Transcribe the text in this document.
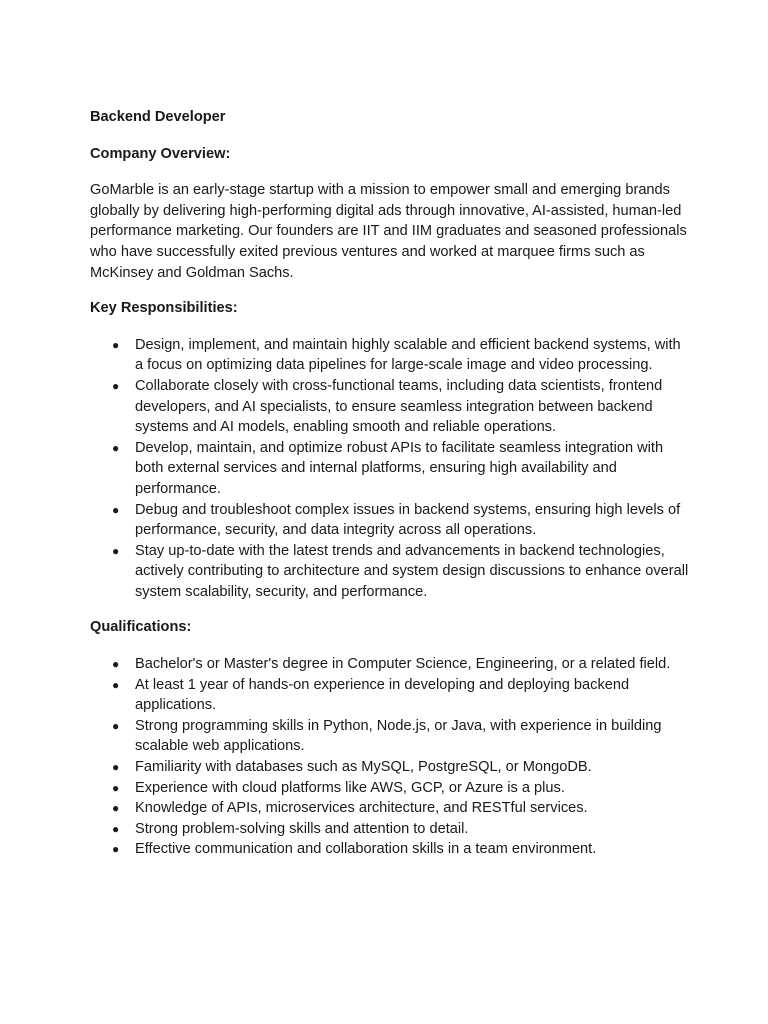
Backend Developer

Company Overview:

GoMarble is an early-stage startup with a mission to empower small and emerging brands globally by delivering high-performing digital ads through innovative, AI-assisted, human-led performance marketing. Our founders are IIT and IIM graduates and seasoned professionals who have successfully exited previous ventures and worked at marquee firms such as McKinsey and Goldman Sachs.

Key Responsibilities:

● Design, implement, and maintain highly scalable and efficient backend systems, with a focus on optimizing data pipelines for large-scale image and video processing.
● Collaborate closely with cross-functional teams, including data scientists, frontend developers, and AI specialists, to ensure seamless integration between backend systems and AI models, enabling smooth and reliable operations.
● Develop, maintain, and optimize robust APIs to facilitate seamless integration with both external services and internal platforms, ensuring high availability and performance.
● Debug and troubleshoot complex issues in backend systems, ensuring high levels of performance, security, and data integrity across all operations.
● Stay up-to-date with the latest trends and advancements in backend technologies, actively contributing to architecture and system design discussions to enhance overall system scalability, security, and performance.

Qualifications:

● Bachelor's or Master's degree in Computer Science, Engineering, or a related field.
● At least 1 year of hands-on experience in developing and deploying backend applications.
● Strong programming skills in Python, Node.js, or Java, with experience in building scalable web applications.
● Familiarity with databases such as MySQL, PostgreSQL, or MongoDB.
● Experience with cloud platforms like AWS, GCP, or Azure is a plus.
● Knowledge of APIs, microservices architecture, and RESTful services.
● Strong problem-solving skills and attention to detail.
● Effective communication and collaboration skills in a team environment.
